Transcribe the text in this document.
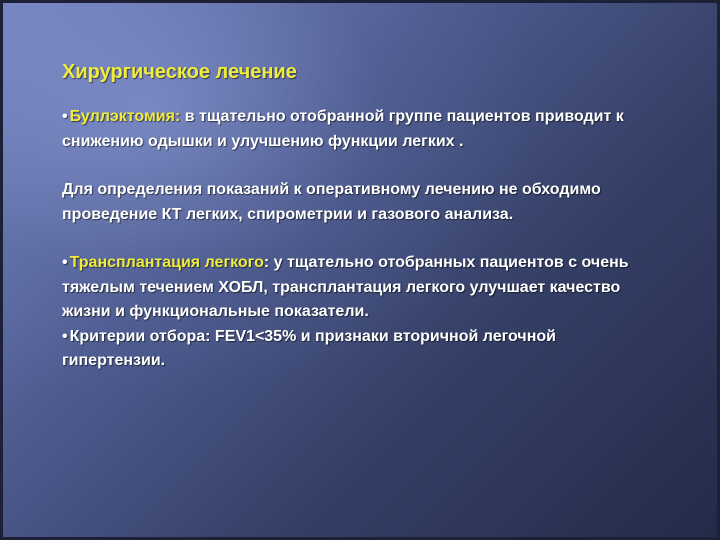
Хирургическое лечение

• Буллэктомия: в тщательно отобранной группе пациентов приводит к снижению одышки и улучшению функции легких .

Для определения показаний к оперативному лечению не обходимо проведение КТ легких, спирометрии и газового анализа.

• Трансплантация легкого: у тщательно отобранных пациентов с очень тяжелым течением ХОБЛ, трансплантация легкого улучшает качество жизни и функциональные показатели.

• Критерии отбора: FEV1<35% и признаки вторичной легочной гипертензии.
